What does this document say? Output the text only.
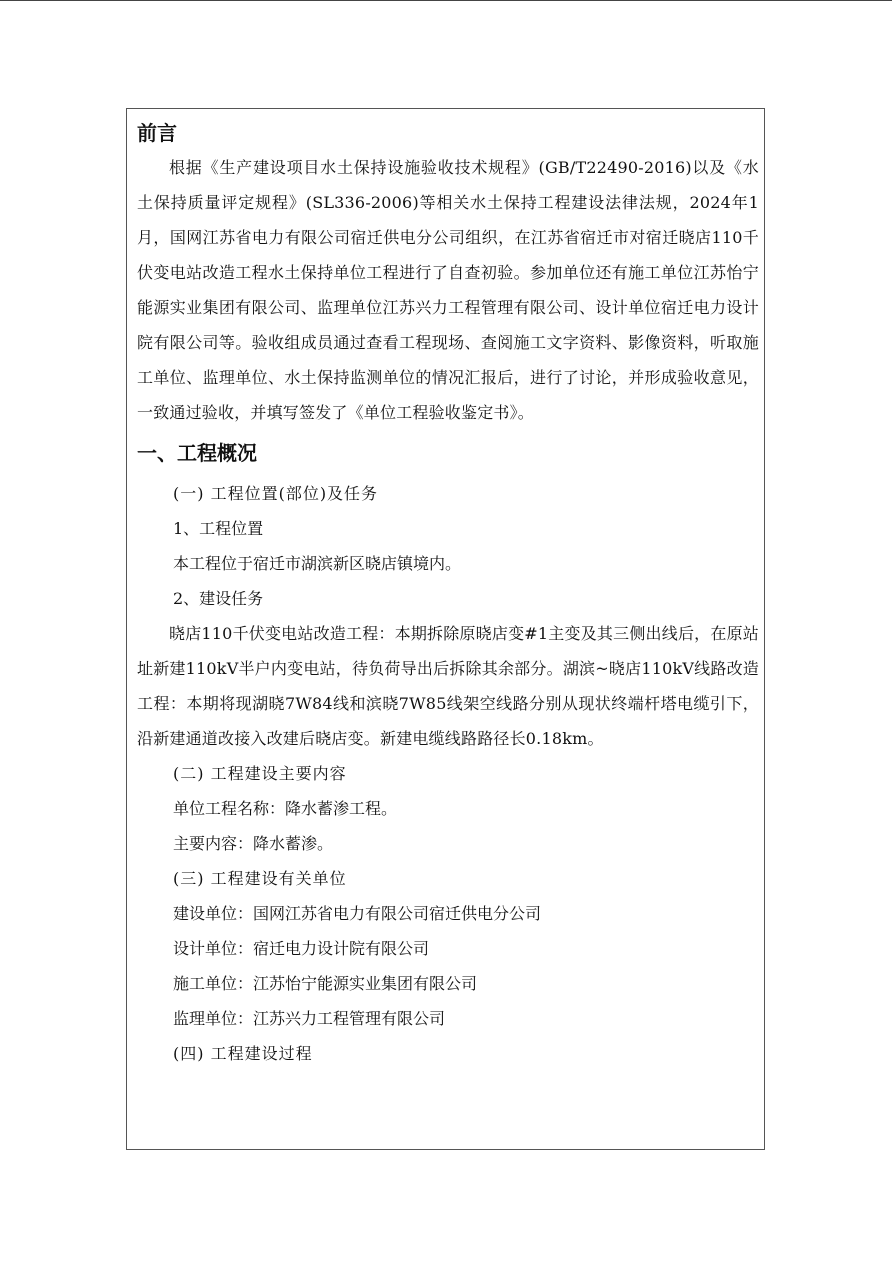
前言

根据《生产建设项目水土保持设施验收技术规程》(GB/T22490-2016)以及《水土保持质量评定规程》(SL336-2006)等相关水土保持工程建设法律法规，2024年1月，国网江苏省电力有限公司宿迁供电分公司组织，在江苏省宿迁市对宿迁晓店110千伏变电站改造工程水土保持单位工程进行了自查初验。参加单位还有施工单位江苏怡宁能源实业集团有限公司、监理单位江苏兴力工程管理有限公司、设计单位宿迁电力设计院有限公司等。验收组成员通过查看工程现场、查阅施工文字资料、影像资料，听取施工单位、监理单位、水土保持监测单位的情况汇报后，进行了讨论，并形成验收意见，一致通过验收，并填写签发了《单位工程验收鉴定书》。

一、工程概况
(一) 工程位置(部位)及任务
1、工程位置
本工程位于宿迁市湖滨新区晓店镇境内。
2、建设任务

晓店110千伏变电站改造工程：本期拆除原晓店变#1主变及其三侧出线后，在原站址新建110kV半户内变电站，待负荷导出后拆除其余部分。湖滨~晓店110kV线路改造工程：本期将现湖晓7W84线和滨晓7W85线架空线路分别从现状终端杆塔电缆引下，沿新建通道改接入改建后晓店变。新建电缆线路路径长0.18km。

(二) 工程建设主要内容
单位工程名称：降水蓄渗工程。
主要内容：降水蓄渗。
(三) 工程建设有关单位
建设单位：国网江苏省电力有限公司宿迁供电分公司
设计单位：宿迁电力设计院有限公司
施工单位：江苏怡宁能源实业集团有限公司
监理单位：江苏兴力工程管理有限公司
(四) 工程建设过程
